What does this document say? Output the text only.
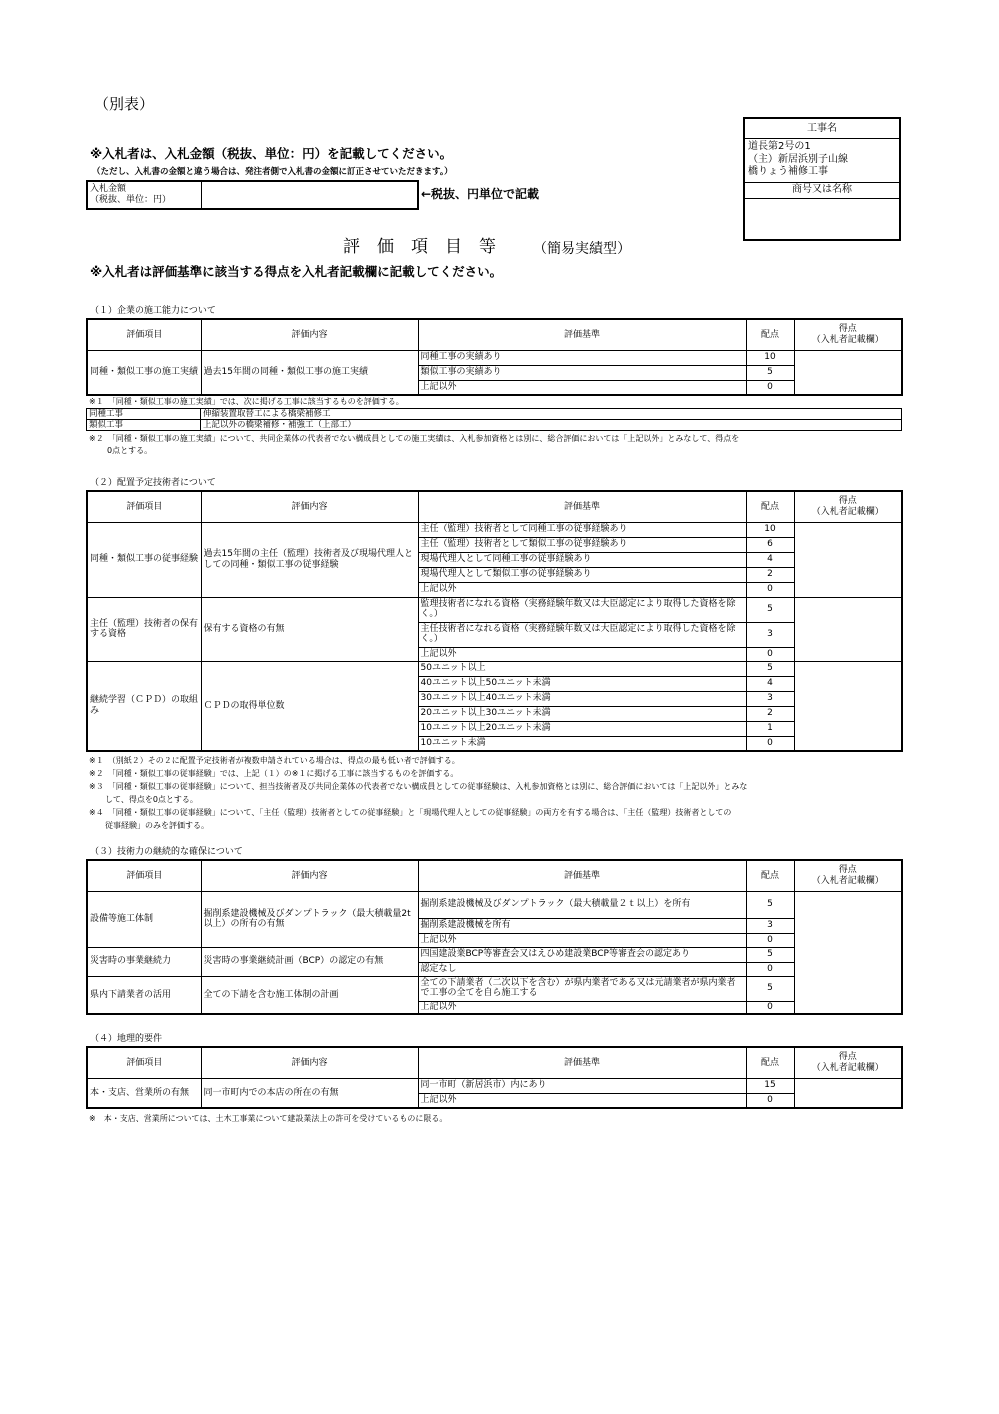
（別表）
※入札者は、入札金額（税抜、単位：円）を記載してください。
（ただし、入札書の金額と違う場合は、発注者側で入札書の金額に訂正させていただきます。）
入札金額
（税抜、単位：円）
		←税抜、円単位で記載
工事名

道長第2号の1
（主）新居浜別子山線
橋りょう補修工事

商号又は名称

評　価　項　目　等	（簡易実績型）
※入札者は評価基準に該当する得点を入札者記載欄に記載してください。
（１）企業の施工能力について
評価項目	評価内容	評価基準	配点	得点
（入札者記載欄）

同種・類似工事の施工実績	過去15年間の同種・類似工事の施工実績	同種工事の実績あり	10	
		類似工事の実績あり	5	
		上記以外	0	
※１　「同種・類似工事の施工実績」では、次に掲げる工事に該当するものを評価する。
同種工事	伸縮装置取替工による橋梁補修工
類似工事	上記以外の橋梁補修・補強工（上部工）
※２　「同種・類似工事の施工実績」について、共同企業体の代表者でない構成員としての施工実績は、入札参加資格とは別に、総合評価においては「上記以外」とみなして、得点を
0点とする。
（２）配置予定技術者について
評価項目	評価内容	評価基準	配点	得点
（入札者記載欄）

同種・類似工事の従事経験	過去15年間の主任（監理）技術者及び現場代理人としての同種・類似工事の従事経験	主任（監理）技術者として同種工事の従事経験あり	10	
		主任（監理）技術者として類似工事の従事経験あり	6	
		現場代理人として同種工事の従事経験あり	4	
		現場代理人として類似工事の従事経験あり	2	
		上記以外	0	
主任（監理）技術者の保有する資格	保有する資格の有無	監理技術者になれる資格（実務経験年数又は大臣認定により取得した資格を除く。）	5	
		主任技術者になれる資格（実務経験年数又は大臣認定により取得した資格を除く。）	3	
		上記以外	0	
継続学習（ＣＰＤ）の取組み	ＣＰＤの取得単位数	50ユニット以上	5	
		40ユニット以上50ユニット未満	4	
		30ユニット以上40ユニット未満	3	
		20ユニット以上30ユニット未満	2	
		10ユニット以上20ユニット未満	1	
		10ユニット未満	0	
※１　（別紙２）その２に配置予定技術者が複数申請されている場合は、得点の最も低い者で評価する。
※２　「同種・類似工事の従事経験」では、上記（１）の※１に掲げる工事に該当するものを評価する。
※３　「同種・類似工事の従事経験」について、担当技術者及び共同企業体の代表者でない構成員としての従事経験は、入札参加資格とは別に、総合評価においては「上記以外」とみな
　　して、得点を0点とする。
※４　「同種・類似工事の従事経験」について、「主任（監理）技術者としての従事経験」と「現場代理人としての従事経験」の両方を有する場合は、「主任（監理）技術者としての
　　従事経験」のみを評価する。
（３）技術力の継続的な確保について
評価項目	評価内容	評価基準	配点	得点
（入札者記載欄）

設備等施工体制	掘削系建設機械及びダンプトラック（最大積載量2t以上）の所有の有無	掘削系建設機械及びダンプトラック（最大積載量２ｔ以上）を所有	5	
		掘削系建設機械を所有	3	
		上記以外	0	
災害時の事業継続力	災害時の事業継続計画（BCP）の認定の有無	四国建設業BCP等審査会又はえひめ建設業BCP等審査会の認定あり	5	
		認定なし	0	
県内下請業者の活用	全ての下請を含む施工体制の計画	全ての下請業者（二次以下を含む）が県内業者である又は元請業者が県内業者で工事の全てを自ら施工する	5	
		上記以外	0	
（４）地理的要件
評価項目	評価内容	評価基準	配点	得点
（入札者記載欄）

本・支店、営業所の有無	同一市町内での本店の所在の有無	同一市町（新居浜市）内にあり	15	
		上記以外	0	
※　本・支店、営業所については、土木工事業について建設業法上の許可を受けているものに限る。
